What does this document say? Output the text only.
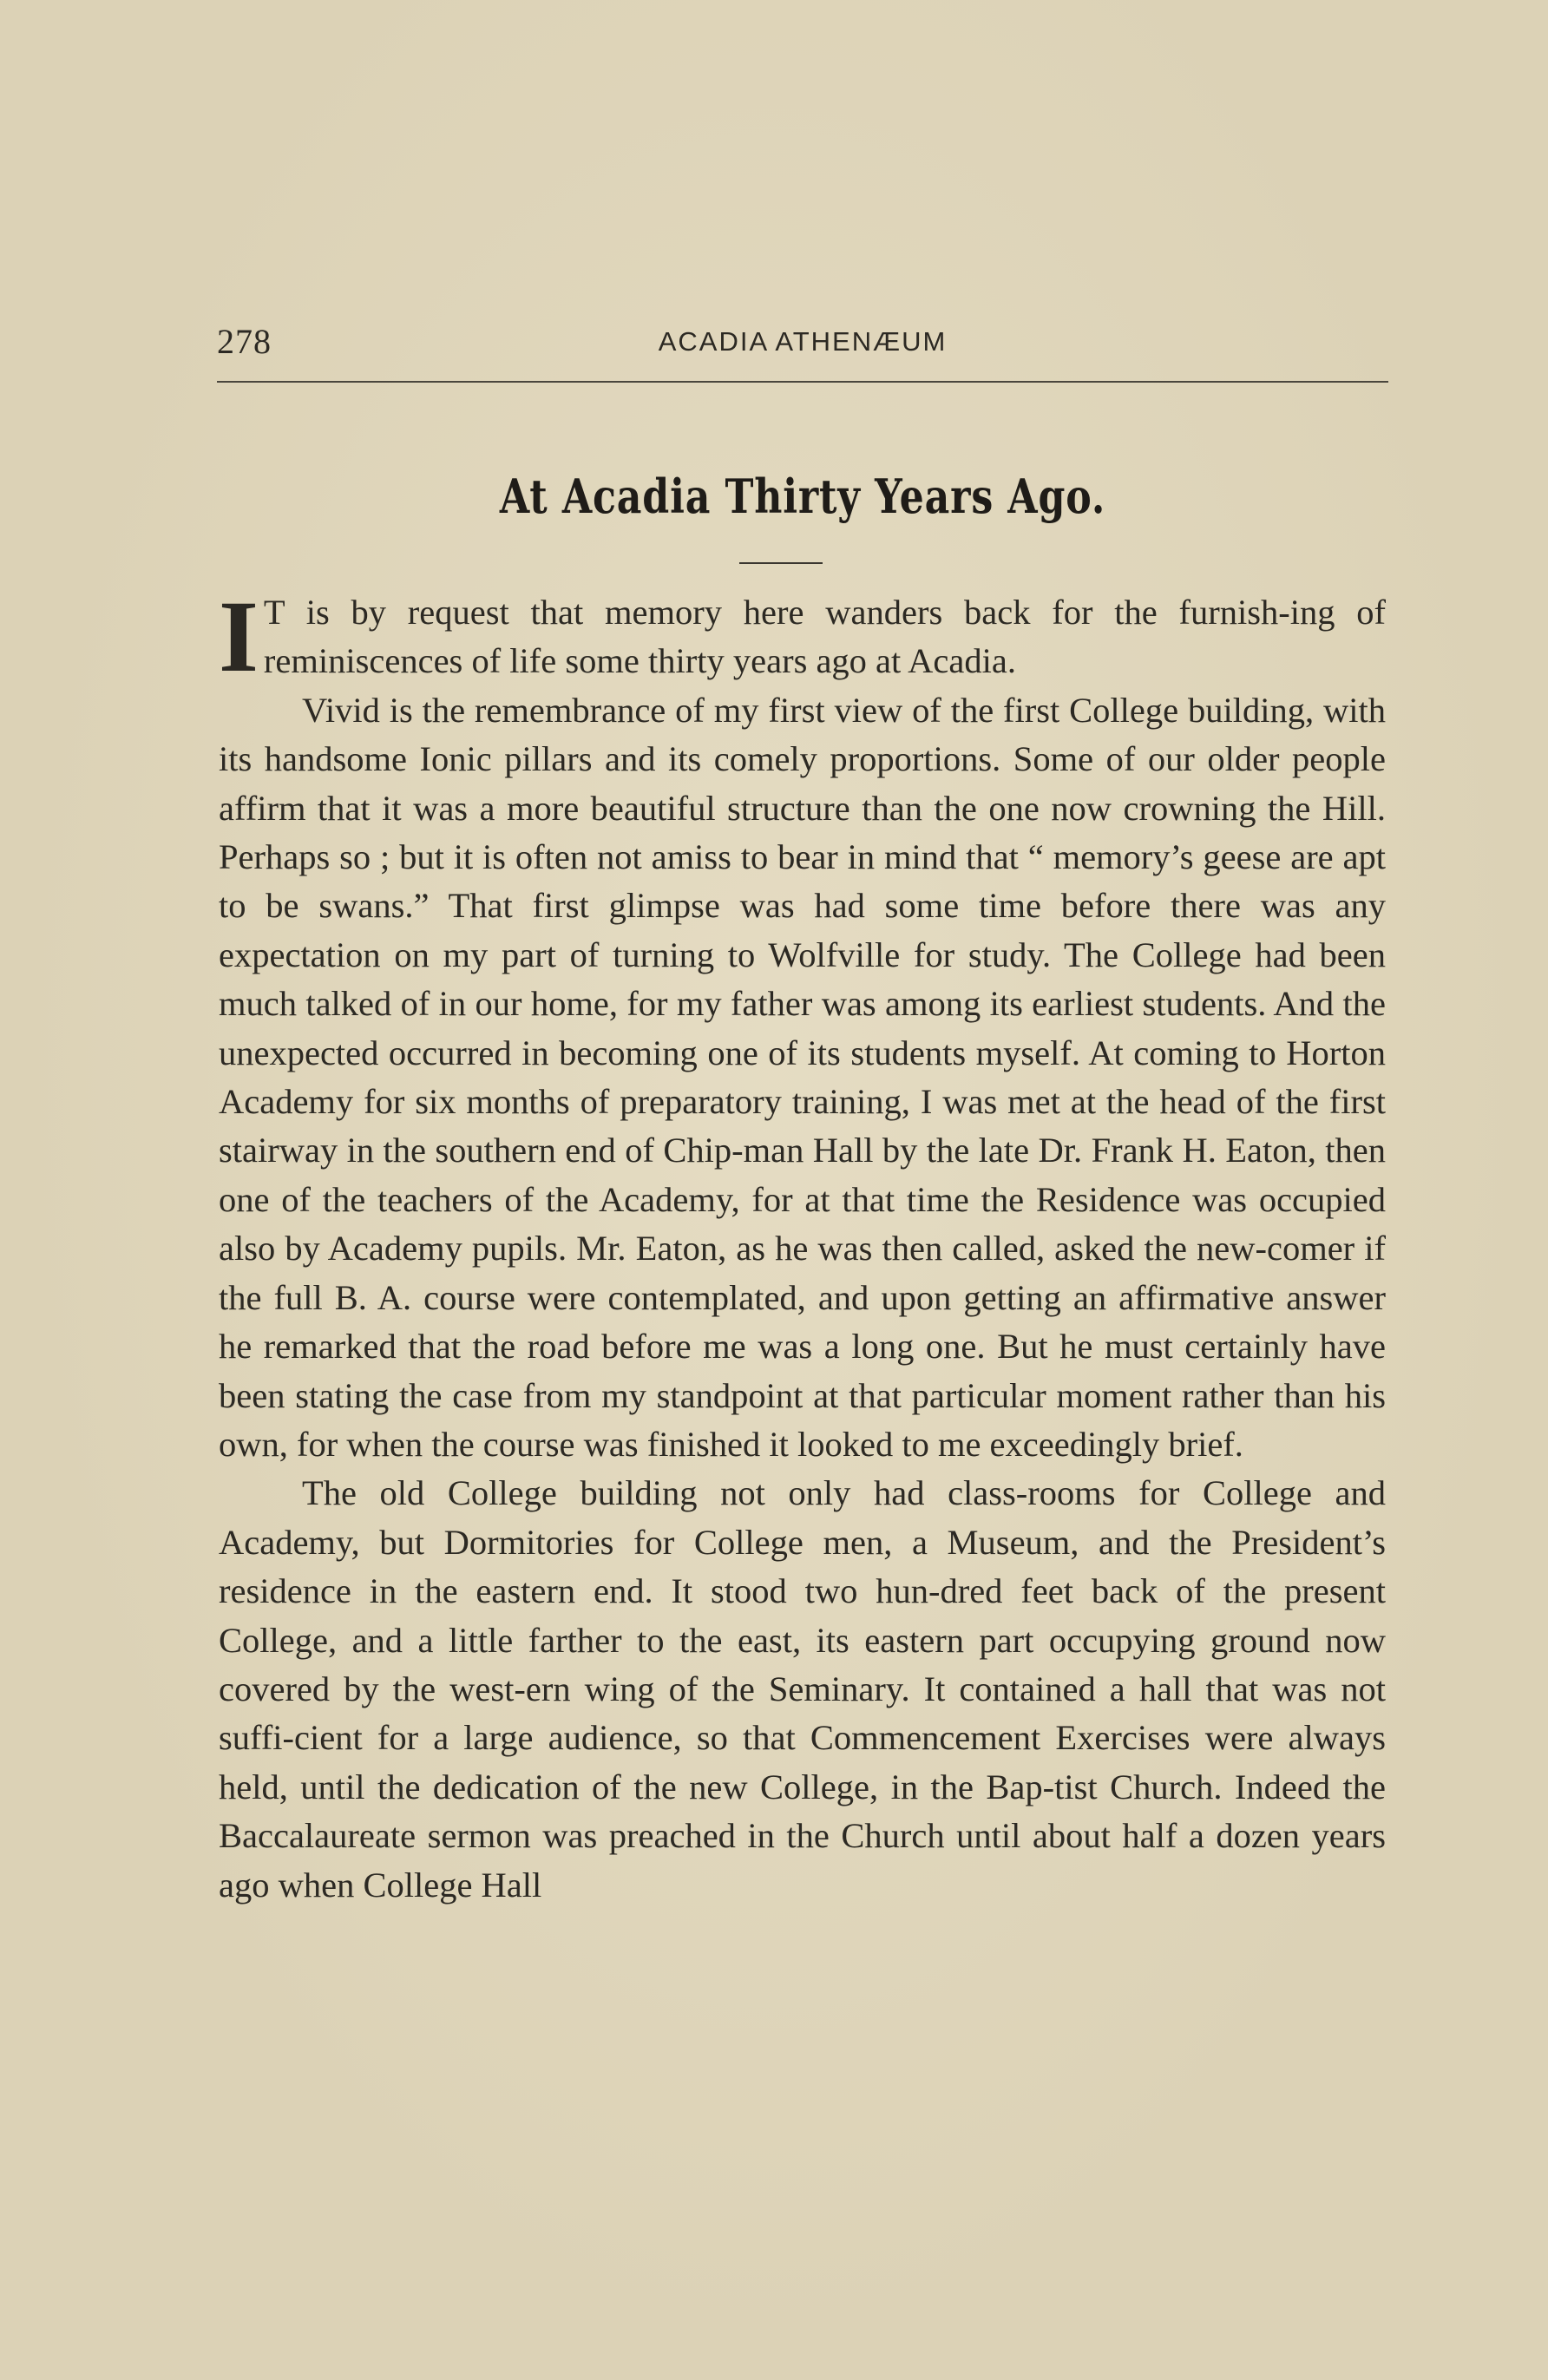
278	ACADIA ATHENÆUM
At Acadia Thirty Years Ago.

I T is by request that memory here wanders back for the furnish-ing of reminiscences of life some thirty years ago at Acadia.

Vivid is the remembrance of my first view of the first College building, with its handsome Ionic pillars and its comely proportions. Some of our older people affirm that it was a more beautiful structure than the one now crowning the Hill. Perhaps so ; but it is often not amiss to bear in mind that “ memory’s geese are apt to be swans.” That first glimpse was had some time before there was any expectation on my part of turning to Wolfville for study. The College had been much talked of in our home, for my father was among its earliest students. And the unexpected occurred in becoming one of its students myself. At coming to Horton Academy for six months of preparatory training, I was met at the head of the first stairway in the southern end of Chip-man Hall by the late Dr. Frank H. Eaton, then one of the teachers of the Academy, for at that time the Residence was occupied also by Academy pupils. Mr. Eaton, as he was then called, asked the new-comer if the full B. A. course were contemplated, and upon getting an affirmative answer he remarked that the road before me was a long one. But he must certainly have been stating the case from my standpoint at that particular moment rather than his own, for when the course was finished it looked to me exceedingly brief.

The old College building not only had class-rooms for College and Academy, but Dormitories for College men, a Museum, and the President’s residence in the eastern end. It stood two hun-dred feet back of the present College, and a little farther to the east, its eastern part occupying ground now covered by the west-ern wing of the Seminary. It contained a hall that was not suffi-cient for a large audience, so that Commencement Exercises were always held, until the dedication of the new College, in the Bap-tist Church. Indeed the Baccalaureate sermon was preached in the Church until about half a dozen years ago when College Hall
